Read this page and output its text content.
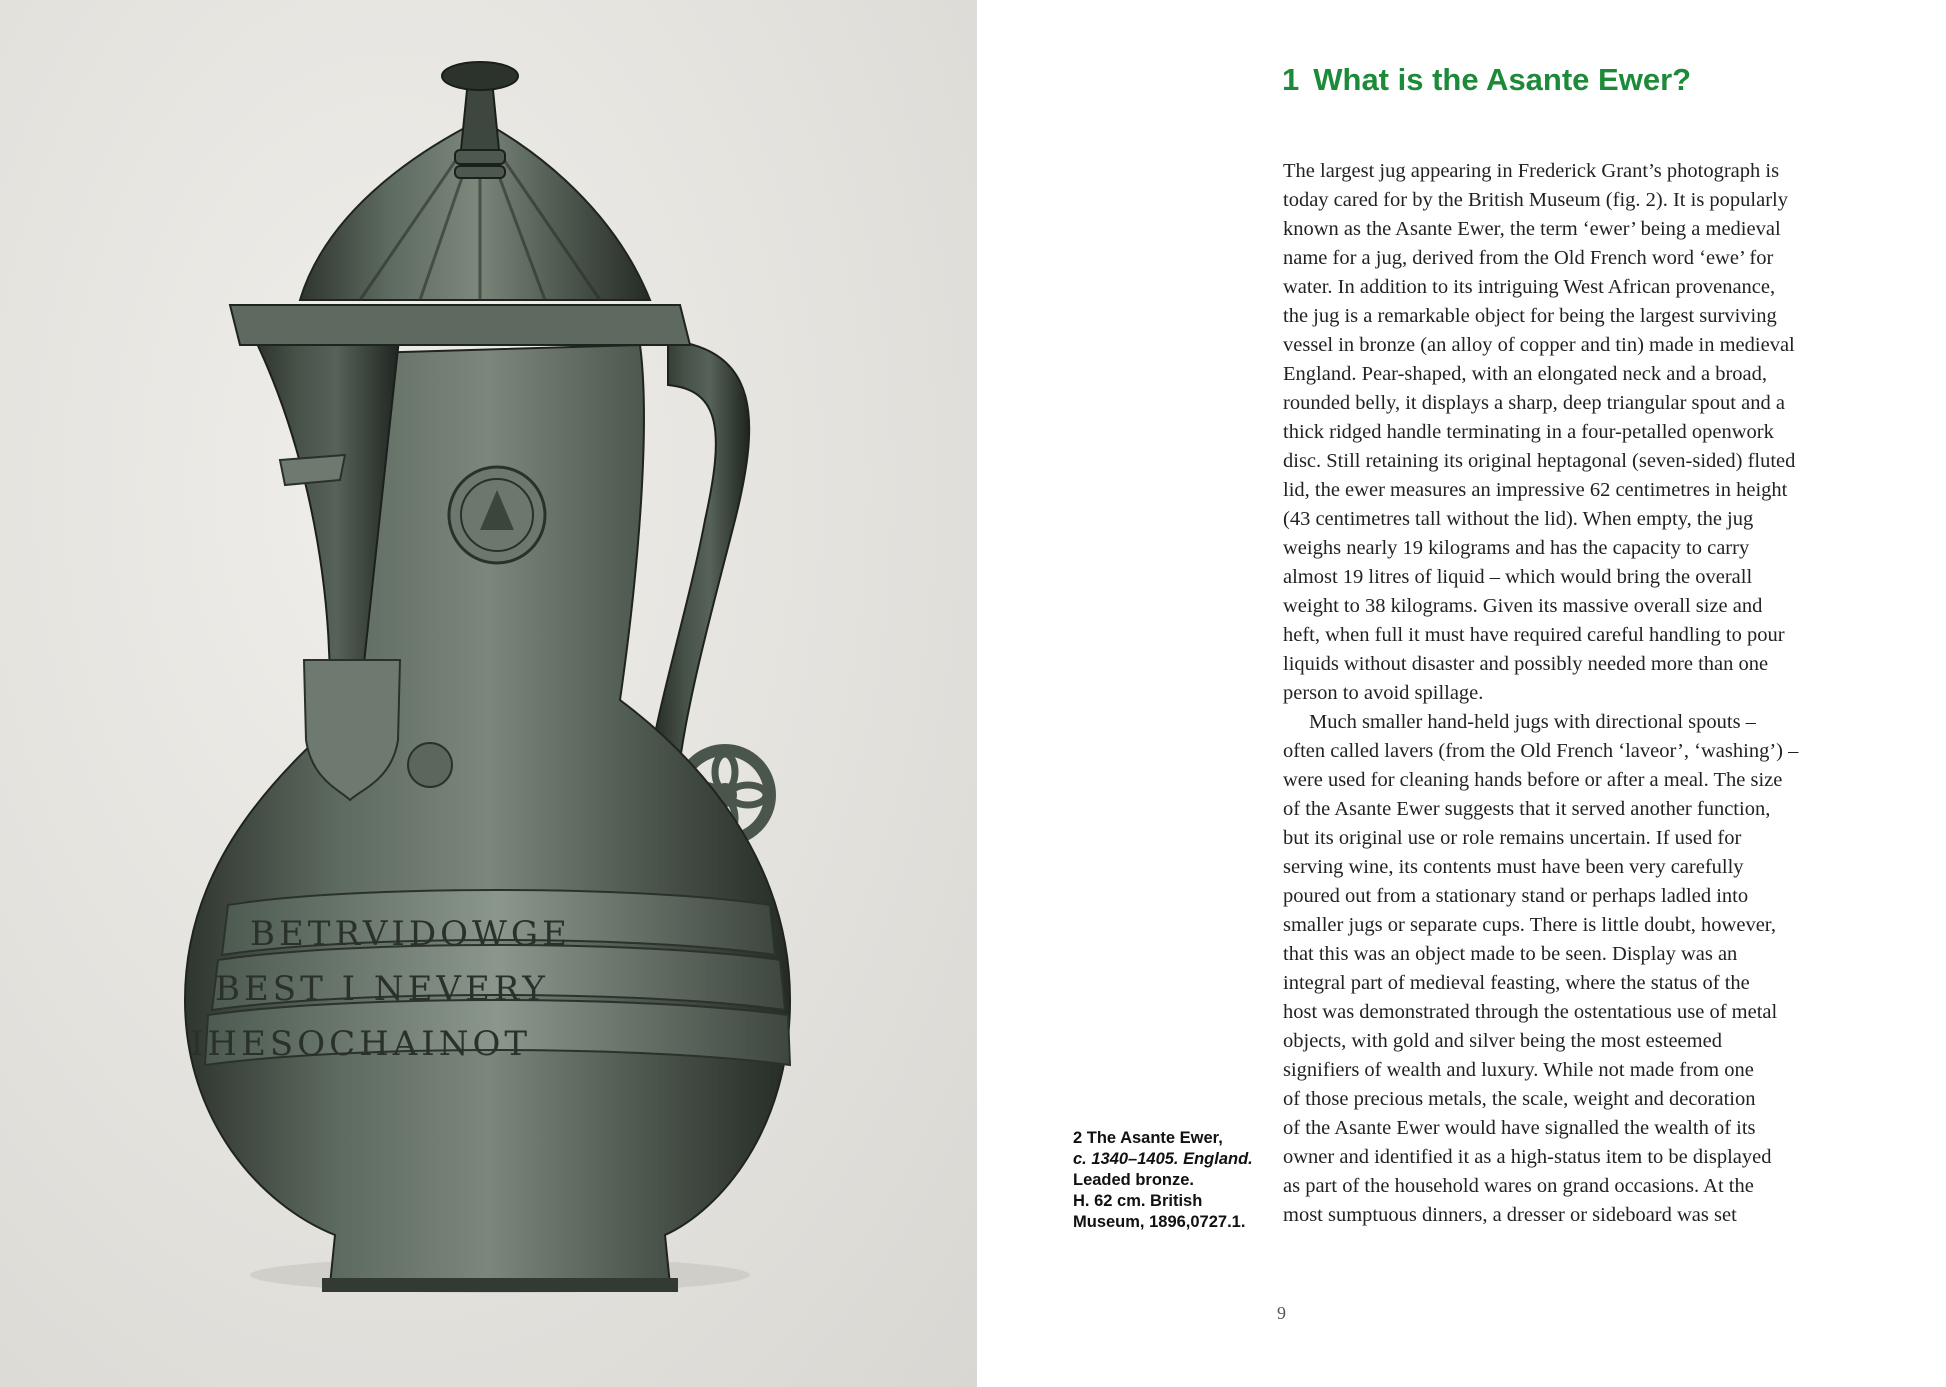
BETRVIDOWGE
BEST I NEVERY
IHESOCHAINOT
2 The Asante Ewer,
c. 1340–1405. England.
Leaded bronze.
H. 62 cm. British
Museum, 1896,0727.1.
1 What is the Asante Ewer?
The largest jug appearing in Frederick Grant’s photograph is
today cared for by the British Museum (fig. 2). It is popularly
known as the Asante Ewer, the term ‘ewer’ being a medieval
name for a jug, derived from the Old French word ‘ewe’ for
water. In addition to its intriguing West African provenance,
the jug is a remarkable object for being the largest surviving
vessel in bronze (an alloy of copper and tin) made in medieval
England. Pear-shaped, with an elongated neck and a broad,
rounded belly, it displays a sharp, deep triangular spout and a
thick ridged handle terminating in a four-petalled openwork
disc. Still retaining its original heptagonal (seven-sided) fluted
lid, the ewer measures an impressive 62 centimetres in height
(43 centimetres tall without the lid). When empty, the jug
weighs nearly 19 kilograms and has the capacity to carry
almost 19 litres of liquid – which would bring the overall
weight to 38 kilograms. Given its massive overall size and
heft, when full it must have required careful handling to pour
liquids without disaster and possibly needed more than one
person to avoid spillage.
Much smaller hand-held jugs with directional spouts –
often called lavers (from the Old French ‘laveor’, ‘washing’) –
were used for cleaning hands before or after a meal. The size
of the Asante Ewer suggests that it served another function,
but its original use or role remains uncertain. If used for
serving wine, its contents must have been very carefully
poured out from a stationary stand or perhaps ladled into
smaller jugs or separate cups. There is little doubt, however,
that this was an object made to be seen. Display was an
integral part of medieval feasting, where the status of the
host was demonstrated through the ostentatious use of metal
objects, with gold and silver being the most esteemed
signifiers of wealth and luxury. While not made from one
of those precious metals, the scale, weight and decoration
of the Asante Ewer would have signalled the wealth of its
owner and identified it as a high-status item to be displayed
as part of the household wares on grand occasions. At the
most sumptuous dinners, a dresser or sideboard was set
9
